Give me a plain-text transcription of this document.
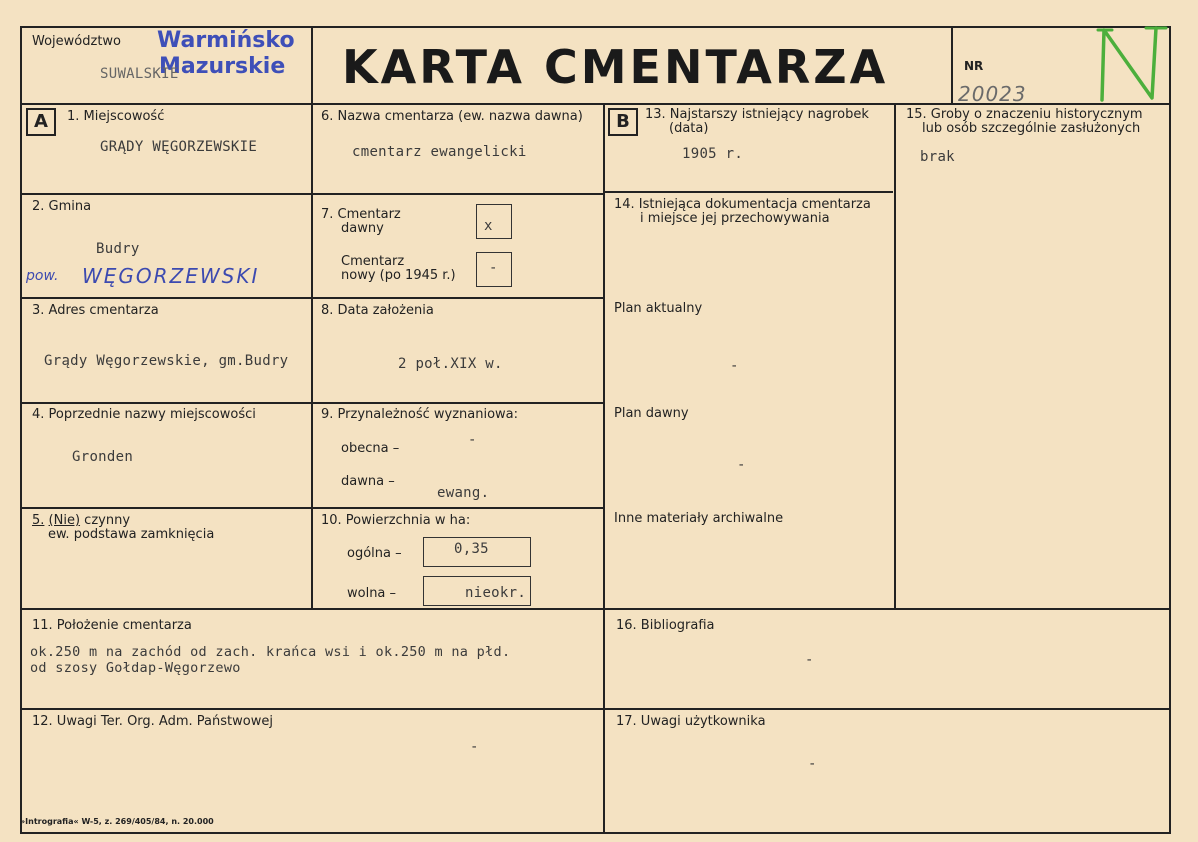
Województwo Warmińsko
Mazurskie
SUWALSKIE	KARTA CMENTARZA	NR
20023
A	B
1. Miejscowość
GRĄDY WĘGORZEWSKIE
2. Gmina
Budry
pow. WĘGORZEWSKI
3. Adres cmentarza
Grądy Węgorzewskie, gm.Budry
4. Poprzednie nazwy miejscowości
Gronden
5. (Nie) czynny
ew. podstawa zamknięcia
6. Nazwa cmentarza (ew. nazwa dawna)
cmentarz ewangelicki
7. Cmentarz
dawny	x
Cmentarz
nowy (po 1945 r.) -
8. Data założenia
2 poł.XIX w.
9. Przynależność wyznaniowa:
obecna –
-
dawna –
ewang.
10. Powierzchnia w ha:
ogólna –	0,35
wolna –	nieokr.
11. Położenie cmentarza
ok.250 m na zachód od zach. krańca wsi i ok.250 m na płd.
od szosy Gołdap-Węgorzewo
12. Uwagi Ter. Org. Adm. Państwowej
-
13. Najstarszy istniejący nagrobek
(data)
1905 r.
14. Istniejąca dokumentacja cmentarza
i miejsce jej przechowywania
Plan aktualny
-
Plan dawny
-
Inne materiały archiwalne
15. Groby o znaczeniu historycznym
lub osób szczególnie zasłużonych
brak
16. Bibliografia
-
17. Uwagi użytkownika
-
»Intrografia« W-5, z. 269/405/84, n. 20.000
